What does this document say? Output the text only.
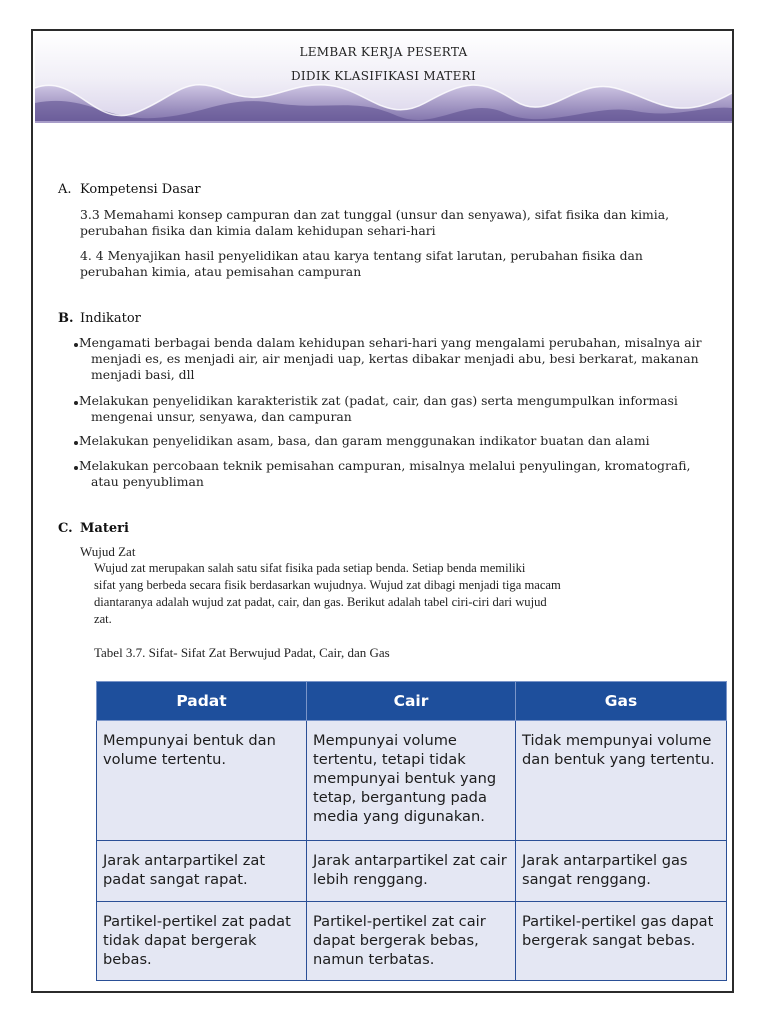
LEMBAR KERJA PESERTA
DIDIK KLASIFIKASI MATERI
A. Kompetensi Dasar
3.3 Memahami konsep campuran dan zat tunggal (unsur dan senyawa), sifat fisika dan kimia,
perubahan fisika dan kimia dalam kehidupan sehari-hari
4. 4 Menyajikan hasil penyelidikan atau karya tentang sifat larutan, perubahan fisika dan
perubahan kimia, atau pemisahan campuran
B. Indikator
Mengamati berbagai benda dalam kehidupan sehari-hari yang mengalami perubahan, misalnya air
menjadi es, es menjadi air, air menjadi uap, kertas dibakar menjadi abu, besi berkarat, makanan
menjadi basi, dll
Melakukan penyelidikan karakteristik zat (padat, cair, dan gas) serta mengumpulkan informasi
mengenai unsur, senyawa, dan campuran
Melakukan penyelidikan asam, basa, dan garam menggunakan indikator buatan dan alami
Melakukan percobaan teknik pemisahan campuran, misalnya melalui penyulingan, kromatografi,
atau penyubliman
C. Materi
Wujud Zat
Wujud zat merupakan salah satu sifat fisika pada setiap benda. Setiap benda memiliki
sifat yang berbeda secara fisik berdasarkan wujudnya. Wujud zat dibagi menjadi tiga macam
diantaranya adalah wujud zat padat, cair, dan gas. Berikut adalah tabel ciri-ciri dari wujud
zat.
Tabel 3.7. Sifat- Sifat Zat Berwujud Padat, Cair, dan Gas
Padat	Cair	Gas
Mempunyai bentuk dan volume tertentu.	Mempunyai volume tertentu, tetapi tidak mempunyai bentuk yang tetap, bergantung pada media yang digunakan.	Tidak mempunyai volume dan bentuk yang tertentu.
Jarak antarpartikel zat padat sangat rapat.	Jarak antarpartikel zat cair lebih renggang.	Jarak antarpartikel gas sangat renggang.
Partikel-pertikel zat padat tidak dapat bergerak bebas.	Partikel-pertikel zat cair dapat bergerak bebas, namun terbatas.	Partikel-pertikel gas dapat bergerak sangat bebas.
